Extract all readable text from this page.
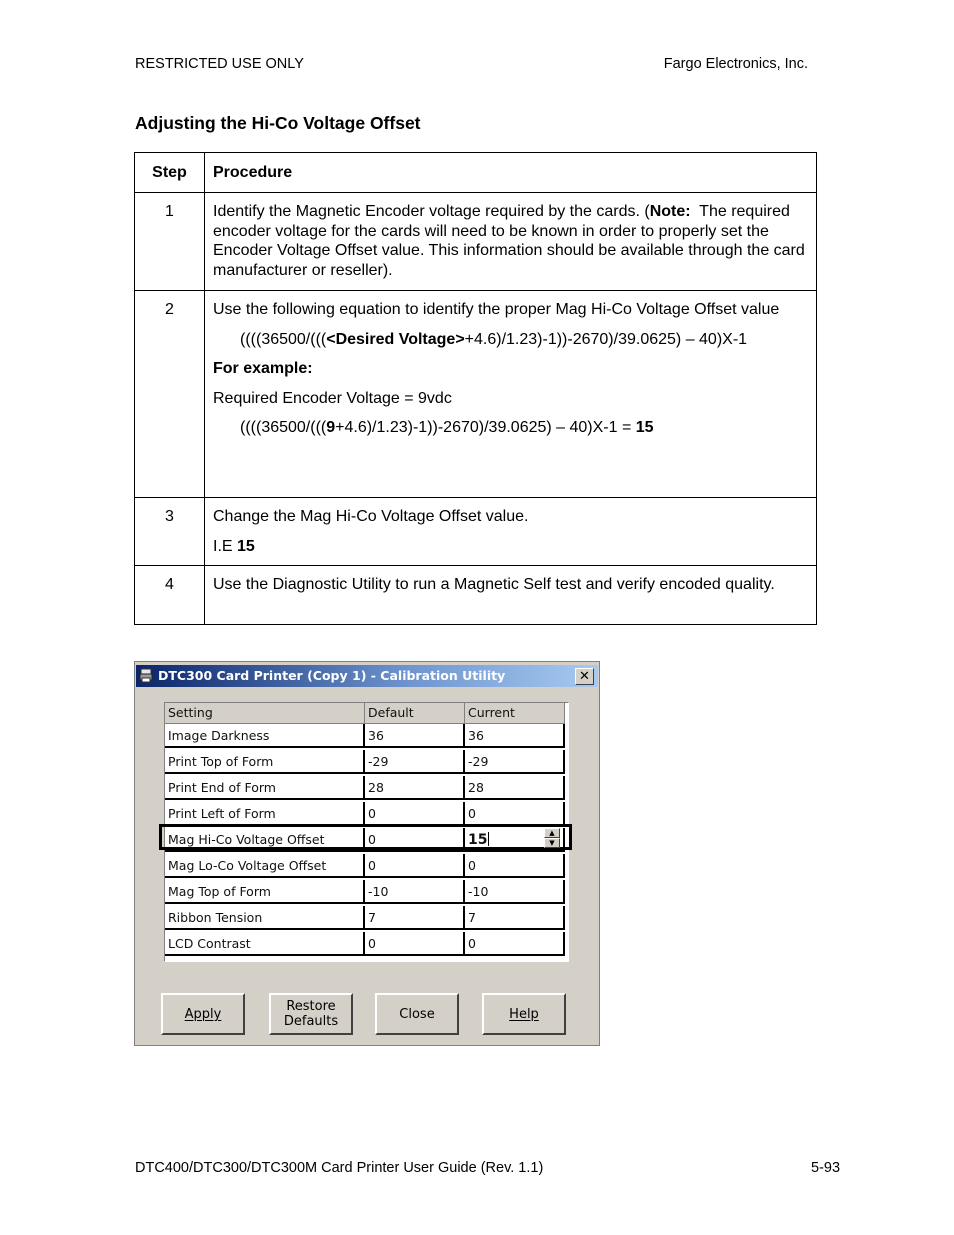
RESTRICTED USE ONLY	Fargo Electronics, Inc.
Adjusting the Hi-Co Voltage Offset
Step	Procedure
1	Identify the Magnetic Encoder voltage required by the cards. (Note:  The required encoder voltage for the cards will need to be known in order to properly set the Encoder Voltage Offset value. This information should be available through the card manufacturer or reseller).
2	Use the following equation to identify the proper Mag Hi-Co Voltage Offset value

((((36500/(((<Desired Voltage>+4.6)/1.23)-1))-2670)/39.0625) – 40)X-1

For example:

Required Encoder Voltage = 9vdc

((((36500/(((9+4.6)/1.23)-1))-2670)/39.0625) – 40)X-1 = 15

3	Change the Mag Hi-Co Voltage Offset value.

I.E 15

4	Use the Diagnostic Utility to run a Magnetic Self test and verify encoded quality.
DTC300 Card Printer (Copy 1) - Calibration Utility	✕
Setting	Default	Current
Image Darkness	36	36
Print Top of Form	-29	-29
Print End of Form	28	28
Print Left of Form	0	0
Mag Hi-Co Voltage Offset	0	15
Mag Lo-Co Voltage Offset	0	0
Mag Top of Form	-10	-10
Ribbon Tension	7	7
LCD Contrast	0	0
▲
▼
Apply	Restore
Defaults	Close	Help
DTC400/DTC300/DTC300M Card Printer User Guide (Rev. 1.1)	5-93
